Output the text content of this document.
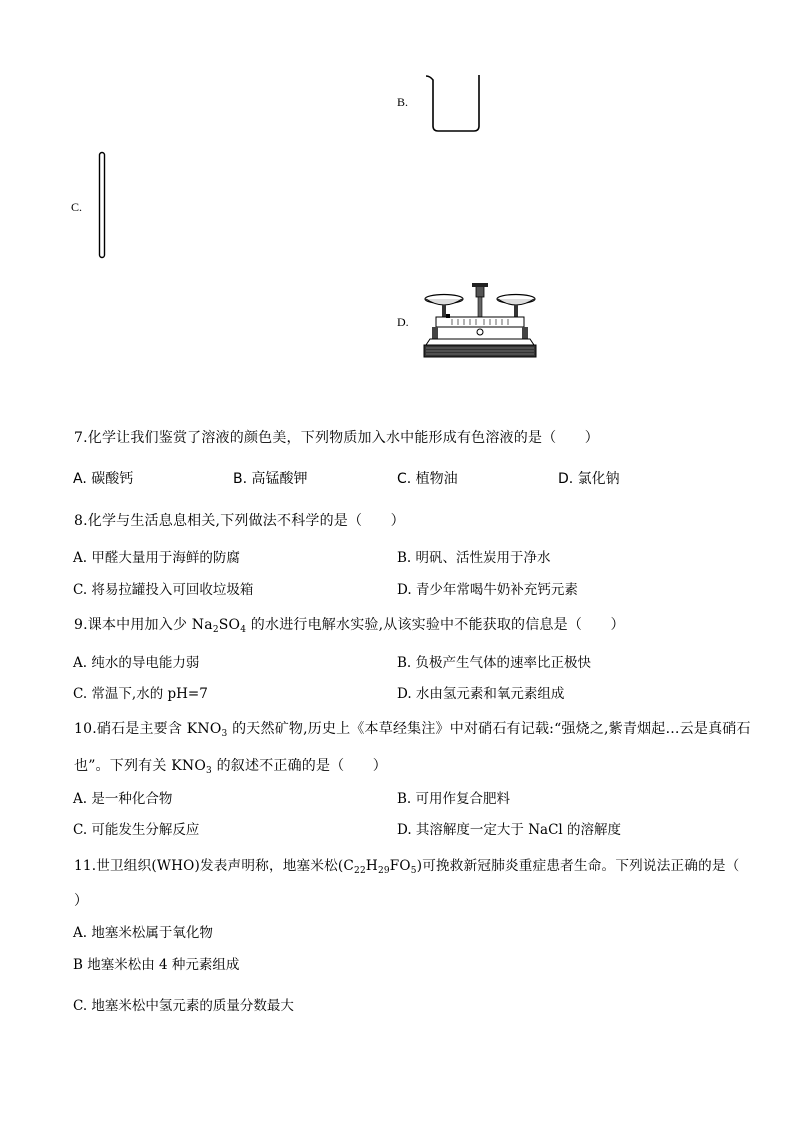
B.
C.
D.
7.化学让我们鉴赏了溶液的颜色美，下列物质加入水中能形成有色溶液的是（　　）
A. 碳酸钙	B. 高锰酸钾	C. 植物油	D. 氯化钠
8.化学与生活息息相关,下列做法不科学的是（　　）
A. 甲醛大量用于海鲜的防腐	B. 明矾、活性炭用于净水
C. 将易拉罐投入可回收垃圾箱	D. 青少年常喝牛奶补充钙元素
9.课本中用加入少 $Na_2SO_4$ 的水进行电解水实验,从该实验中不能获取的信息是（　　）
A. 纯水的导电能力弱	B. 负极产生气体的速率比正极快
C. 常温下,水的 pH=7	D. 水由氢元素和氧元素组成
10.硝石是主要含 $KNO_3$ 的天然矿物,历史上《本草经集注》中对硝石有记载:“强烧之,紫青烟起…云是真硝石
也”。下列有关 $KNO_3$ 的叙述不正确的是（　　）
A. 是一种化合物	B. 可用作复合肥料
C. 可能发生分解反应	D. 其溶解度一定大于 NaCl 的溶解度
11.世卫组织(WHO)发表声明称，地塞米松$(C_{22}H_{29}FO_5)$可挽救新冠肺炎重症患者生命。下列说法正确的是（
）
A. 地塞米松属于氧化物
B 地塞米松由 4 种元素组成
C. 地塞米松中氢元素的质量分数最大
